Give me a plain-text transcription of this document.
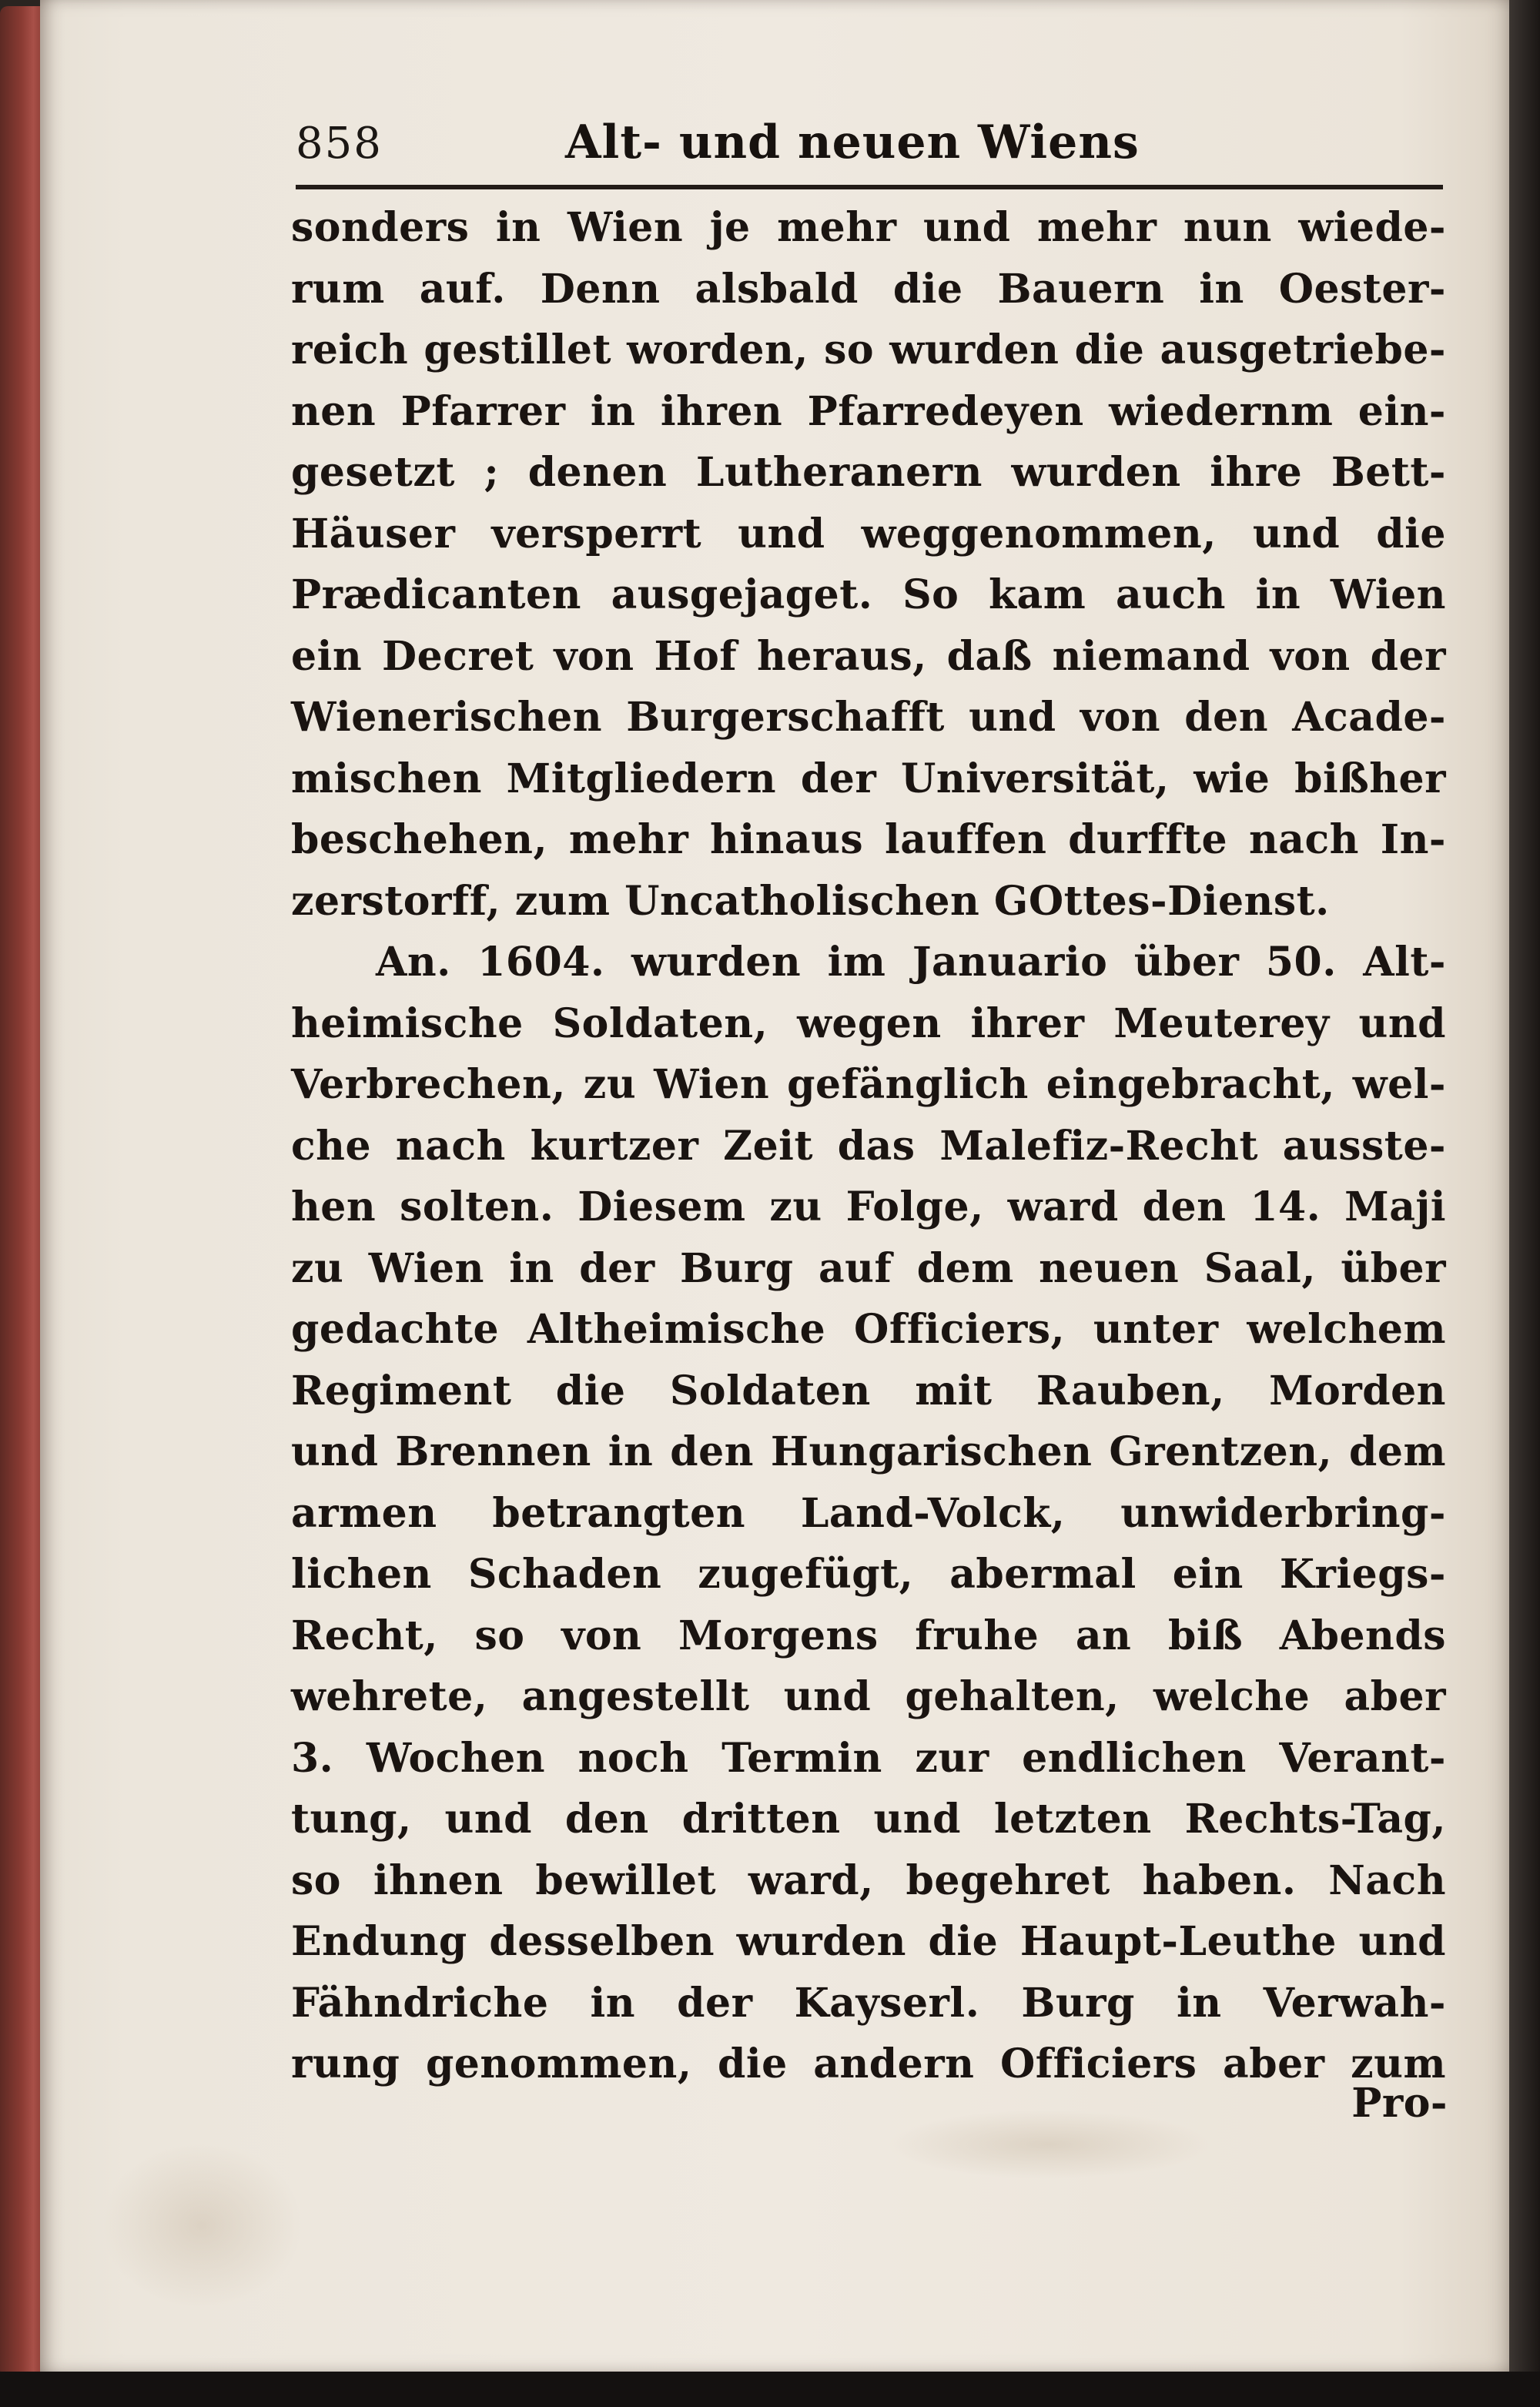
858	Alt- und neuen Wiens
sonders in Wien je mehr und mehr nun wiede-
rum auf. Denn alsbald die Bauern in Oester-
reich gestillet worden, so wurden die ausgetriebe-
nen Pfarrer in ihren Pfarredeyen wiedernm ein-
gesetzt ; denen Lutheranern wurden ihre Bett-
Häuser versperrt und weggenommen, und die
Prædicanten ausgejaget. So kam auch in Wien
ein Decret von Hof heraus, daß niemand von der
Wienerischen Burgerschafft und von den Acade-
mischen Mitgliedern der Universität, wie bißher
beschehen, mehr hinaus lauffen durffte nach In-
zerstorff, zum Uncatholischen GOttes-Dienst.
An. 1604. wurden im Januario über 50. Alt-
heimische Soldaten, wegen ihrer Meuterey und
Verbrechen, zu Wien gefänglich eingebracht, wel-
che nach kurtzer Zeit das Malefiz-Recht ausste-
hen solten. Diesem zu Folge, ward den 14. Maji
zu Wien in der Burg auf dem neuen Saal, über
gedachte Altheimische Officiers, unter welchem
Regiment die Soldaten mit Rauben, Morden
und Brennen in den Hungarischen Grentzen, dem
armen betrangten Land-Volck, unwiderbring-
lichen Schaden zugefügt, abermal ein Kriegs-
Recht, so von Morgens fruhe an biß Abends
wehrete, angestellt und gehalten, welche aber
3. Wochen noch Termin zur endlichen Verant-
tung, und den dritten und letzten Rechts-Tag,
so ihnen bewillet ward, begehret haben. Nach
Endung desselben wurden die Haupt-Leuthe und
Fähndriche in der Kayserl. Burg in Verwah-
rung genommen, die andern Officiers aber zum
Pro-
